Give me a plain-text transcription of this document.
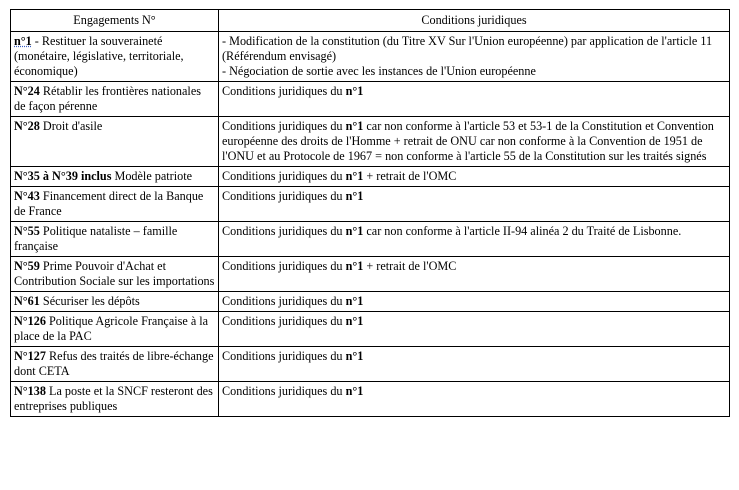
Engagements N°	Conditions juridiques
n°1 - Restituer la souveraineté (monétaire, législative, territoriale, économique)	- Modification de la constitution (du Titre XV Sur l'Union européenne) par application de l'article 11 (Référendum envisagé)
- Négociation de sortie avec les instances de l'Union européenne

N°24 Rétablir les frontières nationales de façon pérenne	Conditions juridiques du n°1
N°28 Droit d'asile	Conditions juridiques du n°1 car non conforme à l'article 53 et 53-1 de la Constitution et Convention européenne des droits de l'Homme + retrait de ONU car non conforme à la Convention de 1951 de l'ONU et au Protocole de 1967 = non conforme à l'article 55 de la Constitution sur les traités signés
N°35 à N°39 inclus Modèle patriote	Conditions juridiques du n°1 + retrait de l'OMC
N°43 Financement direct de la Banque de France	Conditions juridiques du n°1
N°55 Politique nataliste – famille française	Conditions juridiques du n°1 car non conforme à l'article II-94 alinéa 2 du Traité de Lisbonne.
N°59 Prime Pouvoir d'Achat et Contribution Sociale sur les importations	Conditions juridiques du n°1 + retrait de l'OMC
N°61 Sécuriser les dépôts	Conditions juridiques du n°1
N°126 Politique Agricole Française à la place de la PAC	Conditions juridiques du n°1
N°127 Refus des traités de libre-échange dont CETA	Conditions juridiques du n°1
N°138 La poste et la SNCF resteront des entreprises publiques	Conditions juridiques du n°1
